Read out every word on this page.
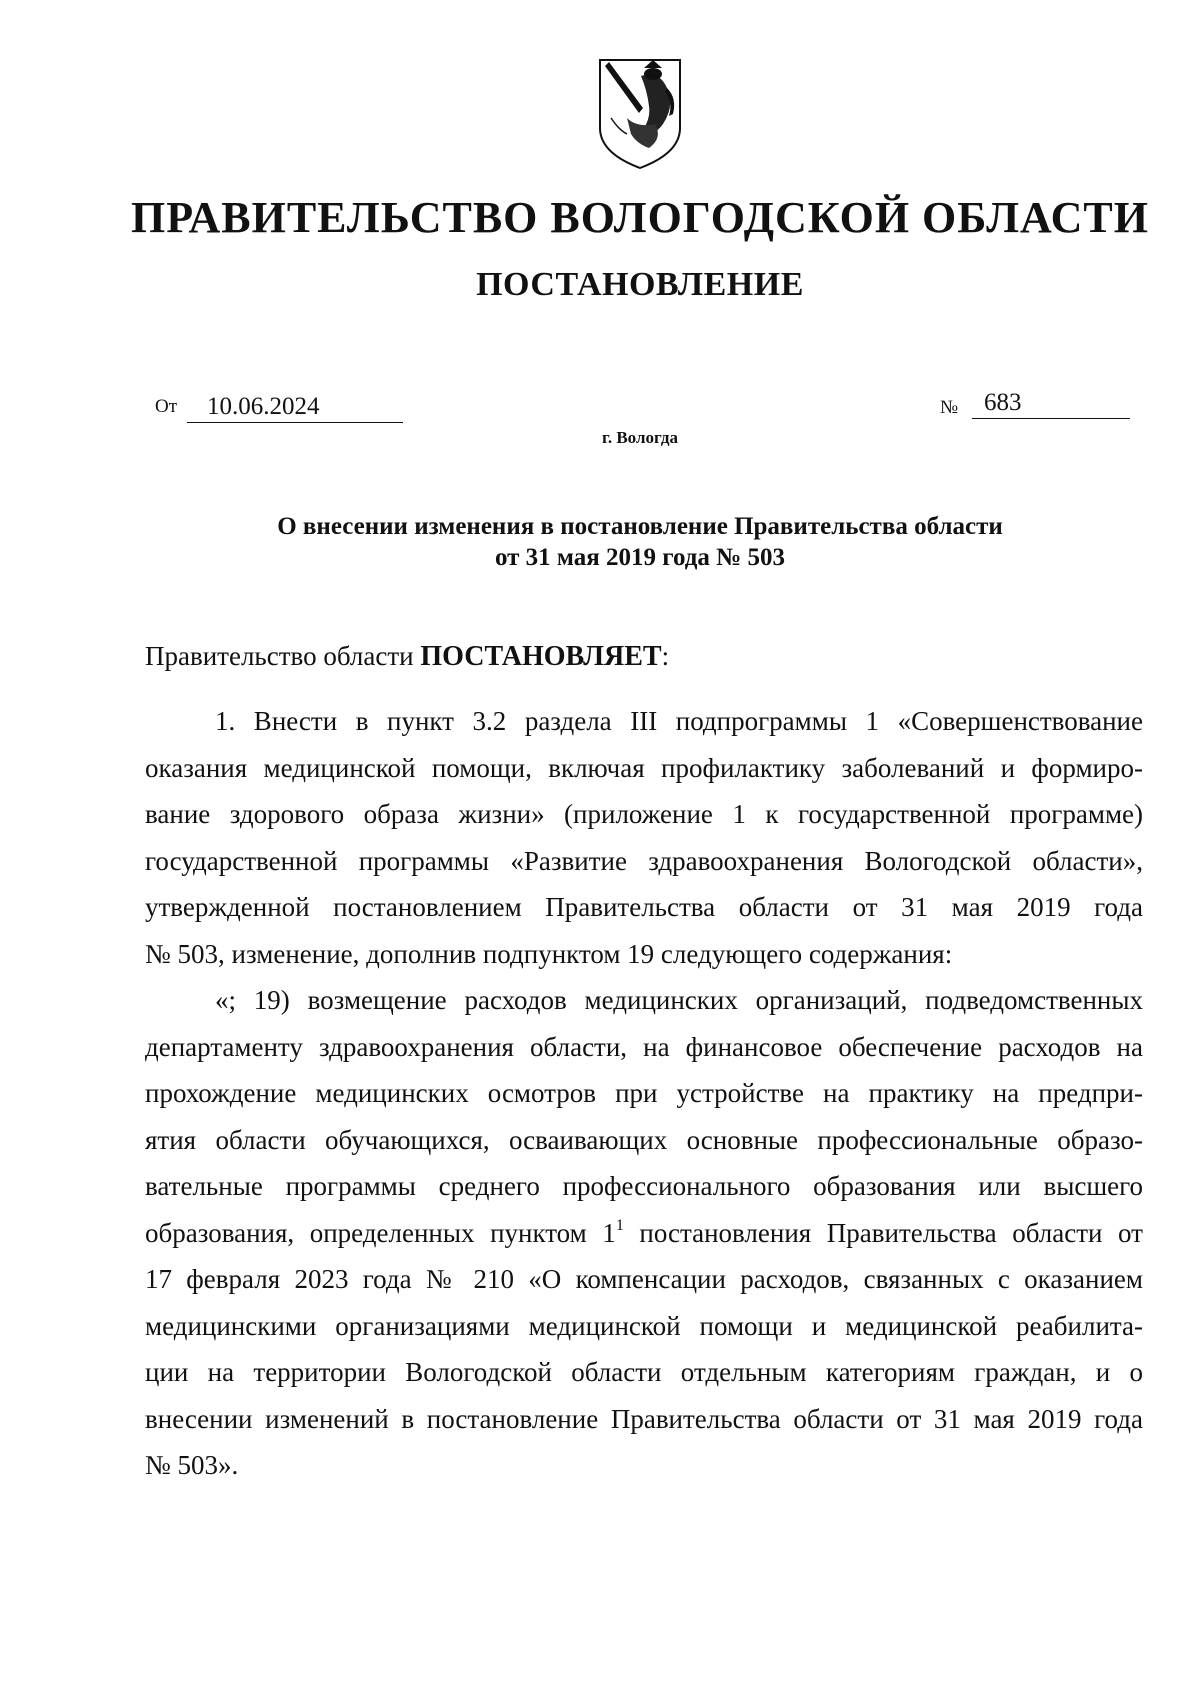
ПРАВИТЕЛЬСТВО ВОЛОГОДСКОЙ ОБЛАСТИ
ПОСТАНОВЛЕНИЕ
От	10.06.2024	№	683
г. Вологда
О внесении изменения в постановление Правительства области
от 31 мая 2019 года № 503
Правительство области ПОСТАНОВЛЯЕТ:
1. Внести в пункт 3.2 раздела III подпрограммы 1 «Совершенствование
оказания медицинской помощи, включая профилактику заболеваний и формиро-
вание здорового образа жизни» (приложение 1 к государственной программе)
государственной программы «Развитие здравоохранения Вологодской области»,
утвержденной постановлением Правительства области от 31 мая 2019 года
№ 503, изменение, дополнив подпунктом 19 следующего содержания:
«; 19) возмещение расходов медицинских организаций, подведомственных
департаменту здравоохранения области, на финансовое обеспечение расходов на
прохождение медицинских осмотров при устройстве на практику на предпри-
ятия области обучающихся, осваивающих основные профессиональные образо-
вательные программы среднего профессионального образования или высшего
образования, определенных пунктом $1^1$ постановления Правительства области от
17 февраля 2023 года № 210 «О компенсации расходов, связанных с оказанием
медицинскими организациями медицинской помощи и медицинской реабилита-
ции на территории Вологодской области отдельным категориям граждан, и о
внесении изменений в постановление Правительства области от 31 мая 2019 года
№ 503».
